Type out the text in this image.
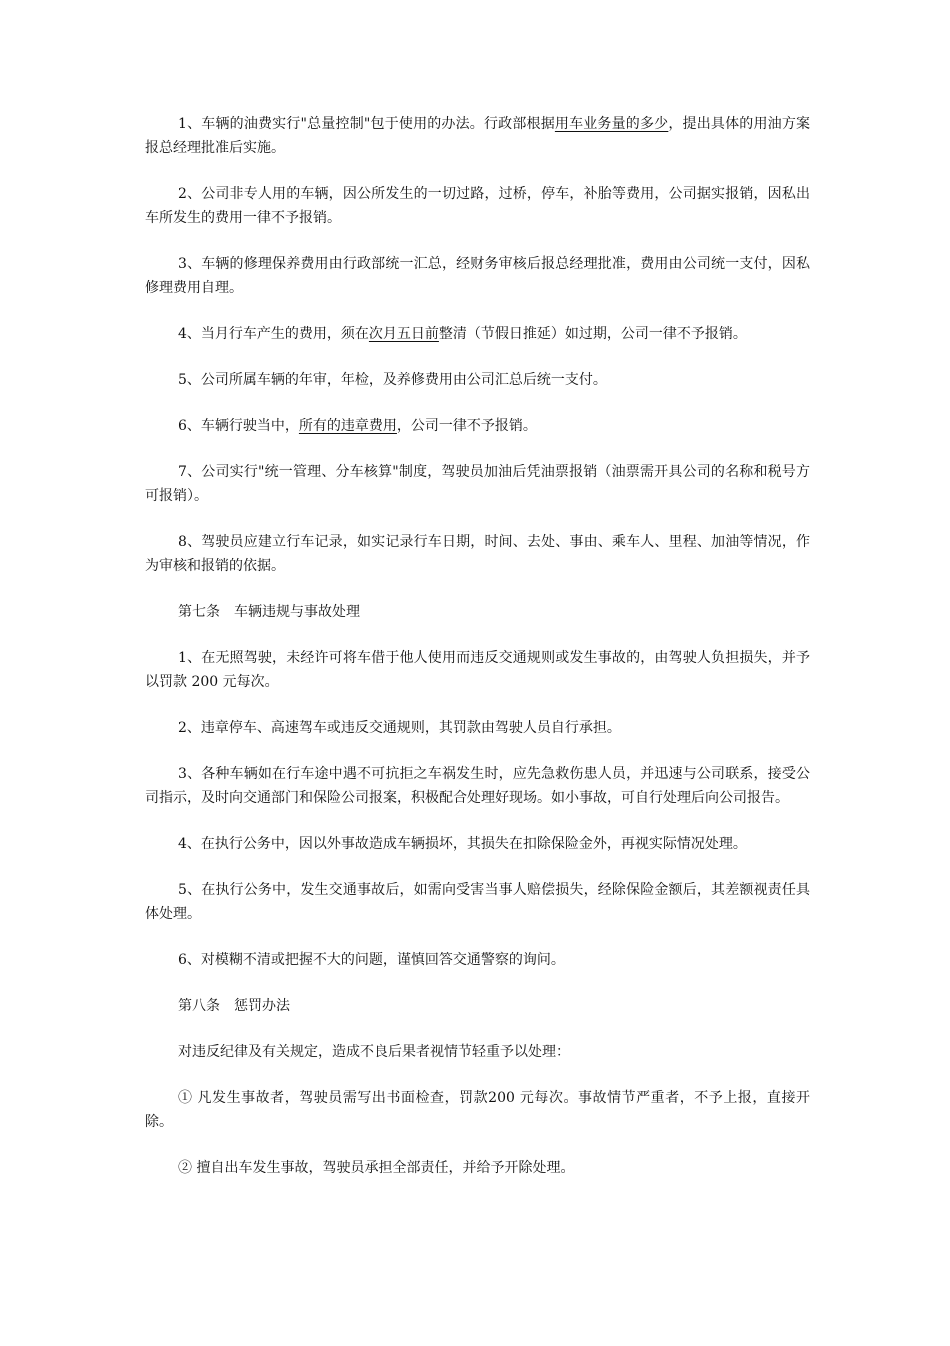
1、车辆的油费实行"总量控制"包于使用的办法。行政部根据用车业务量的多少，提出具体的用油方案报总经理批准后实施。

2、公司非专人用的车辆，因公所发生的一切过路，过桥，停车，补胎等费用，公司据实报销，因私出车所发生的费用一律不予报销。

3、车辆的修理保养费用由行政部统一汇总，经财务审核后报总经理批准，费用由公司统一支付，因私修理费用自理。

4、当月行车产生的费用，须在次月五日前整清（节假日推延）如过期，公司一律不予报销。

5、公司所属车辆的年审，年检，及养修费用由公司汇总后统一支付。

6、车辆行驶当中，所有的违章费用，公司一律不予报销。

7、公司实行"统一管理、分车核算"制度，驾驶员加油后凭油票报销（油票需开具公司的名称和税号方可报销）。

8、驾驶员应建立行车记录，如实记录行车日期，时间、去处、事由、乘车人、里程、加油等情况，作为审核和报销的依据。

第七条　车辆违规与事故处理

1、在无照驾驶，未经许可将车借于他人使用而违反交通规则或发生事故的，由驾驶人负担损失，并予以罚款 200 元每次。

2、违章停车、高速驾车或违反交通规则，其罚款由驾驶人员自行承担。

3、各种车辆如在行车途中遇不可抗拒之车祸发生时，应先急救伤患人员，并迅速与公司联系，接受公司指示，及时向交通部门和保险公司报案，积极配合处理好现场。如小事故，可自行处理后向公司报告。

4、在执行公务中，因以外事故造成车辆损坏，其损失在扣除保险金外，再视实际情况处理。

5、在执行公务中，发生交通事故后，如需向受害当事人赔偿损失，经除保险金额后，其差额视责任具体处理。

6、对模糊不清或把握不大的问题，谨慎回答交通警察的询问。

第八条　惩罚办法

对违反纪律及有关规定，造成不良后果者视情节轻重予以处理：

① 凡发生事故者，驾驶员需写出书面检查，罚款200 元每次。事故情节严重者，不予上报，直接开除。

② 擅自出车发生事故，驾驶员承担全部责任，并给予开除处理。
